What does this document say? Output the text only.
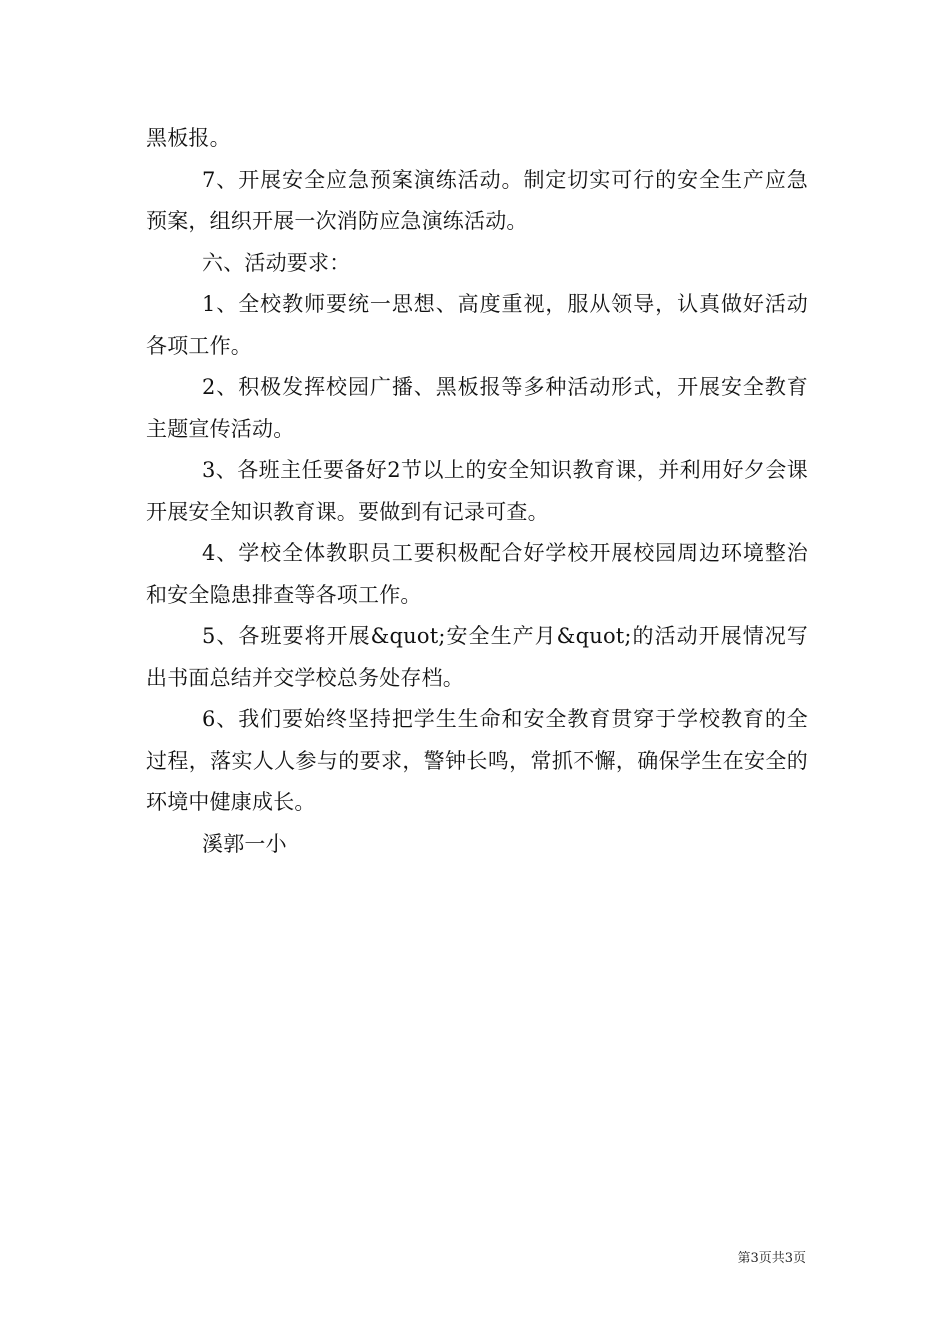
黑板报。

7、开展安全应急预案演练活动。制定切实可行的安全生产应急预案，组织开展一次消防应急演练活动。

六、活动要求：

1、全校教师要统一思想、高度重视，服从领导，认真做好活动各项工作。

2、积极发挥校园广播、黑板报等多种活动形式，开展安全教育主题宣传活动。

3、各班主任要备好2节以上的安全知识教育课，并利用好夕会课开展安全知识教育课。要做到有记录可查。

4、学校全体教职员工要积极配合好学校开展校园周边环境整治和安全隐患排查等各项工作。

5、各班要将开展&quot;安全生产月&quot;的活动开展情况写出书面总结并交学校总务处存档。

6、我们要始终坚持把学生生命和安全教育贯穿于学校教育的全过程，落实人人参与的要求，警钟长鸣，常抓不懈，确保学生在安全的环境中健康成长。

溪郭一小

第3页共3页
